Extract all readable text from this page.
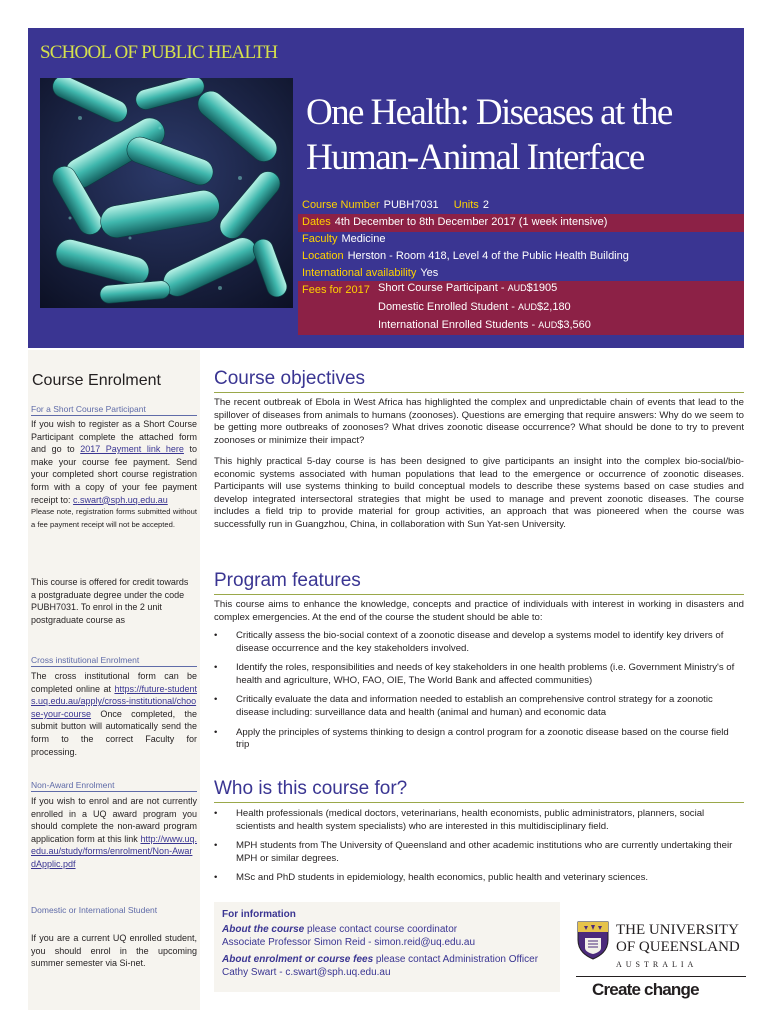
SCHOOL OF PUBLIC HEALTH
One Health: Diseases at the
Human-Animal Interface
Course Number PUBH7031 Units 2
Dates 4th December to 8th December 2017 (1 week intensive)
Faculty Medicine
Location Herston - Room 418, Level 4 of the Public Health Building
International availability Yes
Fees for 2017 Short Course Participant - AUD$1905
Domestic Enrolled Student - AUD$2,180
International Enrolled Students - AUD$3,560
Course Enrolment
For a Short Course Participant
If you wish to register as a Short Course Participant complete the attached form and go to 2017 Payment link here to make your course fee payment. Send your completed short course registration form with a copy of your fee payment receipt to: c.swart@sph.uq.edu.au
Please note, registration forms submitted without a fee payment receipt will not be accepted.
This course is offered for credit towards a postgraduate degree under the code PUBH7031. To enrol in the 2 unit postgraduate course as
Cross institutional Enrolment
The cross institutional form can be completed online at https://future-students.uq.edu.au/apply/cross-institutional/choose-your-course Once completed, the submit button will automatically send the form to the correct Faculty for processing.
Non-Award Enrolment
If you wish to enrol and are not currently enrolled in a UQ award program you should complete the non-award program application form at this link http://www.uq.edu.au/study/forms/enrolment/Non-AwardApplic.pdf
Domestic or International Student
If you are a current UQ enrolled student, you should enrol in the upcoming summer semester via Si-net.
Course objectives
The recent outbreak of Ebola in West Africa has highlighted the complex and unpredictable chain of events that lead to the spillover of diseases from animals to humans (zoonoses). Questions are emerging that require answers: Why do we seem to be getting more outbreaks of zoonoses? What drives zoonotic disease occurrence? What should be done to try to prevent zoonoses or minimize their impact?
This highly practical 5-day course is has been designed to give participants an insight into the complex bio-social/bio-economic systems associated with human populations that lead to the emergence or occurrence of zoonotic diseases. Participants will use systems thinking to build conceptual models to describe these systems based on case studies and develop integrated intersectoral strategies that might be used to manage and prevent zoonotic diseases. The course includes a field trip to provide material for group activities, an approach that was pioneered when the course was successfully run in Guangzhou, China, in collaboration with Sun Yat-sen University.
Program features
This course aims to enhance the knowledge, concepts and practice of individuals with interest in working in disasters and complex emergencies. At the end of the course the student should be able to:
• Critically assess the bio-social context of a zoonotic disease and develop a systems model to identify key drivers of disease occurrence and the key stakeholders involved.
• Identify the roles, responsibilities and needs of key stakeholders in one health problems (i.e. Government Ministry's of health and agriculture, WHO, FAO, OIE, The World Bank and affected communities)
• Critically evaluate the data and information needed to establish an comprehensive control strategy for a zoonotic disease including: surveillance data and health (animal and human) and economic data
• Apply the principles of systems thinking to design a control program for a zoonotic disease based on the course field trip
Who is this course for?
• Health professionals (medical doctors, veterinarians, health economists, public administrators, planners, social scientists and health system specialists) who are interested in this multidisciplinary field.
• MPH students from The University of Queensland and other academic institutions who are currently undertaking their MPH or similar degrees.
• MSc and PhD students in epidemiology, health economics, public health and veterinary sciences.
For information
About the course please contact course coordinator
Associate Professor Simon Reid - simon.reid@uq.edu.au
About enrolment or course fees please contact Administration Officer
Cathy Swart - c.swart@sph.uq.edu.au
THE UNIVERSITY
OF QUEENSLAND
AUSTRALIA
Create change
